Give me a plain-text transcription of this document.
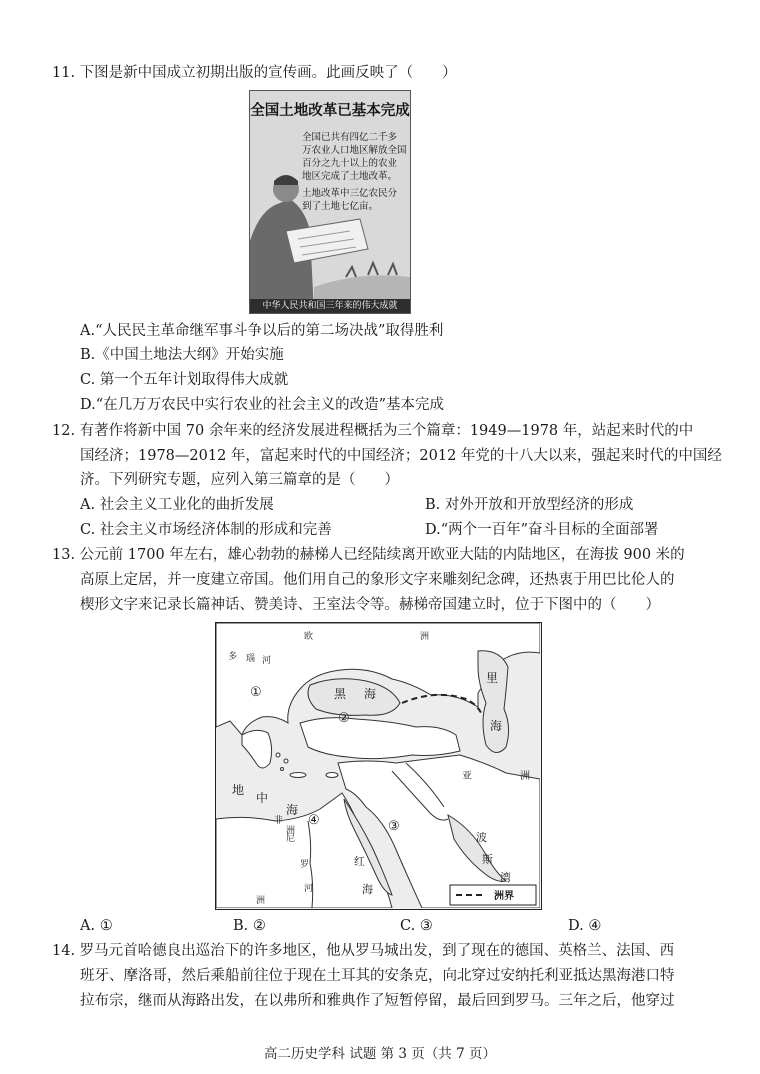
11. 下图是新中国成立初期出版的宣传画。此画反映了（　　）
全国土地改革已基本完成
全国已共有四亿二千多
万农业人口地区解放全国
百分之九十以上的农业
地区完成了土地改革。
土地改革中三亿农民分
到了土地七亿亩。
中华人民共和国三年来的伟大成就
A.“人民民主革命继军事斗争以后的第二场决战”取得胜利
B.《中国土地法大纲》开始实施
C. 第一个五年计划取得伟大成就
D.“在几万万农民中实行农业的社会主义的改造”基本完成
12. 有著作将新中国 70 余年来的经济发展进程概括为三个篇章：1949—1978 年，站起来时代的中
国经济；1978—2012 年，富起来时代的中国经济；2012 年党的十八大以来，强起来时代的中国经
济。下列研究专题，应列入第三篇章的是（　　）
A. 社会主义工业化的曲折发展	B. 对外开放和开放型经济的形成
C. 社会主义市场经济体制的形成和完善	D.“两个一百年”奋斗目标的全面部署
13. 公元前 1700 年左右，雄心勃勃的赫梯人已经陆续离开欧亚大陆的内陆地区，在海拔 900 米的
高原上定居，并一度建立帝国。他们用自己的象形文字来雕刻纪念碑，还热衷于用巴比伦人的
楔形文字来记录长篇神话、赞美诗、王室法令等。赫梯帝国建立时，位于下图中的（　　）
欧	洲
多 瑙 河
黑 海
里
海
亚	洲
地
中
海
波
斯
湾
红
海
尼
罗
河
非
洲
洲
①
②
③
④
洲界
A. ①	B. ②	C. ③	D. ④
14. 罗马元首哈德良出巡治下的许多地区，他从罗马城出发，到了现在的德国、英格兰、法国、西
班牙、摩洛哥，然后乘船前往位于现在土耳其的安条克，向北穿过安纳托利亚抵达黑海港口特
拉布宗，继而从海路出发，在以弗所和雅典作了短暂停留，最后回到罗马。三年之后，他穿过
高二历史学科 试题 第 3 页（共 7 页）
